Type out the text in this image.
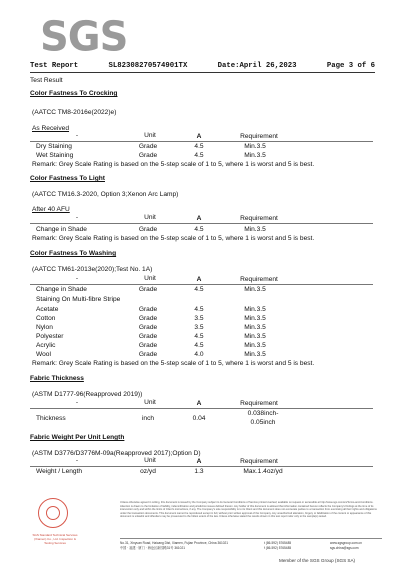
SGS
Test Report	SL82308270574901TX	Date:April 26,2023	Page 3 of 6
Test Result
Color Fastness To Crocking
(AATCC TM8-2016e(2022)e)
As Received
-	Unit	A	Requirement
Dry Staining	Grade	4.5	Min.3.5
Wet Staining	Grade	4.5	Min.3.5
Remark: Grey Scale Rating is based on the 5-step scale of 1 to 5, where 1 is worst and 5 is best.
Color Fastness To Light
(AATCC TM16.3-2020, Option 3;Xenon Arc Lamp)
After 40 AFU
-	Unit	A	Requirement
Change in Shade	Grade	4.5	Min.3.5
Remark: Grey Scale Rating is based on the 5-step scale of 1 to 5, where 1 is worst and 5 is best.
Color Fastness To Washing
(AATCC TM61-2013e(2020);Test No. 1A)
-	Unit	A	Requirement
Change in Shade	Grade	4.5	Min.3.5
Staining On Multi-fibre Stripe
Acetate	Grade	4.5	Min.3.5
Cotton	Grade	3.5	Min.3.5
Nylon	Grade	3.5	Min.3.5
Polyester	Grade	4.5	Min.3.5
Acrylic	Grade	4.5	Min.3.5
Wool	Grade	4.0	Min.3.5
Remark: Grey Scale Rating is based on the 5-step scale of 1 to 5, where 1 is worst and 5 is best.
Fabric Thickness
(ASTM D1777-96(Reapproved 2019))
-	Unit	A	Requirement
Thickness	inch	0.04
0.038inch-
0.05inch
Fabric Weight Per Unit Length
(ASTM D3776/D3776M-09a(Reapproved 2017);Option D)
-	Unit	A	Requirement
Weight / Length	oz/yd	1.3	Max.1.4oz/yd
SGS Standard Technical Services (Xiamen) Co., Ltd. Inspection & Testing Services
Unless otherwise agreed in writing, this document is issued by the Company subject to its General Conditions of Service printed overleaf, available on request or accessible at http://www.sgs.com/en/Terms-and-Conditions. Attention is drawn to the limitation of liability, indemnification and jurisdiction issues defined therein. Any holder of this document is advised that information contained hereon reflects the Company's findings at the time of its intervention only and within the limits of Client's instructions, if any. The Company's sole responsibility is to its Client and this document does not exonerate parties to a transaction from exercising all their rights and obligations under the transaction documents. This document cannot be reproduced except in full, without prior written approval of the Company. Any unauthorized alteration, forgery or falsification of the content or appearance of this document is unlawful and offenders may be prosecuted to the fullest extent of the law. Unless otherwise stated the results shown in this test report refer only to the sample(s) tested.
No.31, Xinyuan Road, Haicang Dist, Xiamen, Fujian Province, China 361021
中国 · 福建 · 厦门 · 海沧区新园路31号 361021
t (86-592) 5765485
f (86-592) 5765485
www.sgsgroup.com.cn
sgs.china@sgs.com
Member of the SGS Group (SGS SA)
